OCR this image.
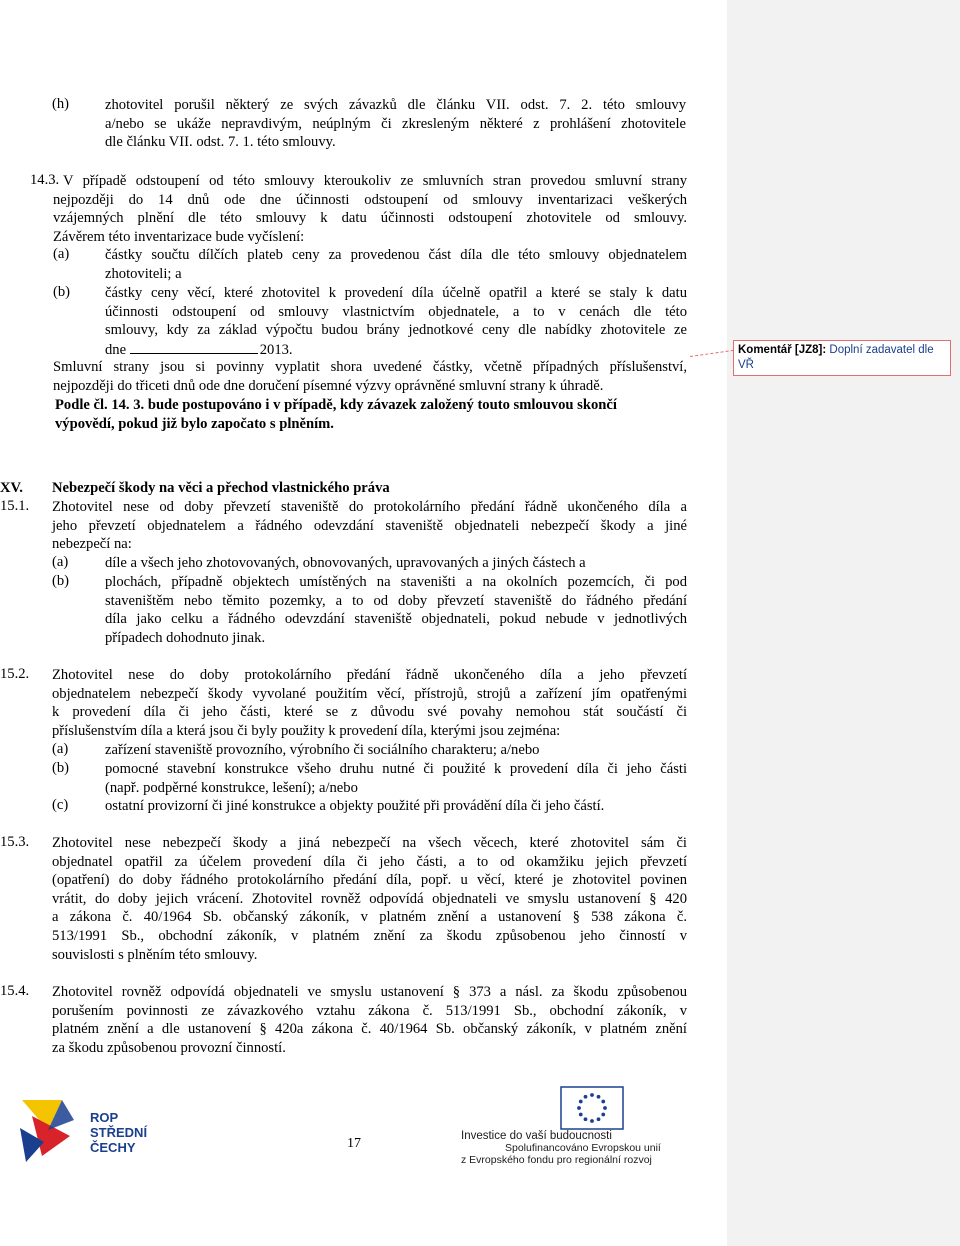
(h) zhotovitel porušil některý ze svých závazků dle článku VII. odst. 7. 2. této smlouvy
a/nebo se ukáže nepravdivým, neúplným či zkresleným některé z prohlášení zhotovitele
dle článku VII. odst. 7. 1. této smlouvy.
14.3. V případě odstoupení od této smlouvy kteroukoliv ze smluvních stran provedou smluvní strany
nejpozději do 14 dnů ode dne účinnosti odstoupení od smlouvy inventarizaci veškerých
vzájemných plnění dle této smlouvy k datu účinnosti odstoupení zhotovitele od smlouvy.
Závěrem této inventarizace bude vyčíslení:
(a) částky součtu dílčích plateb ceny za provedenou část díla dle této smlouvy objednatelem
zhotoviteli; a
(b) částky ceny věcí, které zhotovitel k provedení díla účelně opatřil a které se staly k datu
účinnosti odstoupení od smlouvy vlastnictvím objednatele, a to v cenách dle této
smlouvy, kdy za základ výpočtu budou brány jednotkové ceny dle nabídky zhotovitele ze
dne	2013.
Smluvní strany jsou si povinny vyplatit shora uvedené částky, včetně případných příslušenství,
nejpozději do třiceti dnů ode dne doručení písemné výzvy oprávněné smluvní strany k úhradě.
Podle čl. 14. 3. bude postupováno i v případě, kdy závazek založený touto smlouvou skončí
výpovědí, pokud již bylo započato s plněním.
XV. Nebezpečí škody na věci a přechod vlastnického práva
15.1. Zhotovitel nese od doby převzetí staveniště do protokolárního předání řádně ukončeného díla a
jeho převzetí objednatelem a řádného odevzdání staveniště objednateli nebezpečí škody a jiné
nebezpečí na:
(a)	díle a všech jeho zhotovovaných, obnovovaných, upravovaných a jiných částech a
(b) plochách, případně objektech umístěných na staveništi a na okolních pozemcích, či pod
staveništěm nebo těmito pozemky, a to od doby převzetí staveniště do řádného předání
díla jako celku a řádného odevzdání staveniště objednateli, pokud nebude v jednotlivých
případech dohodnuto jinak.
15.2. Zhotovitel nese do doby protokolárního předání řádně ukončeného díla a jeho převzetí
objednatelem nebezpečí škody vyvolané použitím věcí, přístrojů, strojů a zařízení jím opatřenými
k provedení díla či jeho části, které se z důvodu své povahy nemohou stát součástí či
příslušenstvím díla a která jsou či byly použity k provedení díla, kterými jsou zejména:
(a)	zařízení staveniště provozního, výrobního či sociálního charakteru; a/nebo
(b) pomocné stavební konstrukce všeho druhu nutné či použité k provedení díla či jeho části
(např. podpěrné konstrukce, lešení); a/nebo
(c)	ostatní provizorní či jiné konstrukce a objekty použité při provádění díla či jeho částí.
15.3. Zhotovitel nese nebezpečí škody a jiná nebezpečí na všech věcech, které zhotovitel sám či
objednatel opatřil za účelem provedení díla či jeho části, a to od okamžiku jejich převzetí
(opatření) do doby řádného protokolárního předání díla, popř. u věcí, které je zhotovitel povinen
vrátit, do doby jejich vrácení. Zhotovitel rovněž odpovídá objednateli ve smyslu ustanovení § 420
a zákona č. 40/1964 Sb. občanský zákoník, v platném znění a ustanovení § 538 zákona č.
513/1991 Sb., obchodní zákoník, v platném znění za škodu způsobenou jeho činností v
souvislosti s plněním této smlouvy.
15.4. Zhotovitel rovněž odpovídá objednateli ve smyslu ustanovení § 373 a násl. za škodu způsobenou
porušením povinnosti ze závazkového vztahu zákona č. 513/1991 Sb., obchodní zákoník, v
platném znění a dle ustanovení § 420a zákona č. 40/1964 Sb. občanský zákoník, v platném znění
za škodu způsobenou provozní činností.
ROP
STŘEDNÍ
ČECHY	17	Investice do vaší budoucnosti
Spolufinancováno Evropskou unií
z Evropského fondu pro regionální rozvoj
Komentář [JZ8]: Doplní zadavatel dle VŘ
